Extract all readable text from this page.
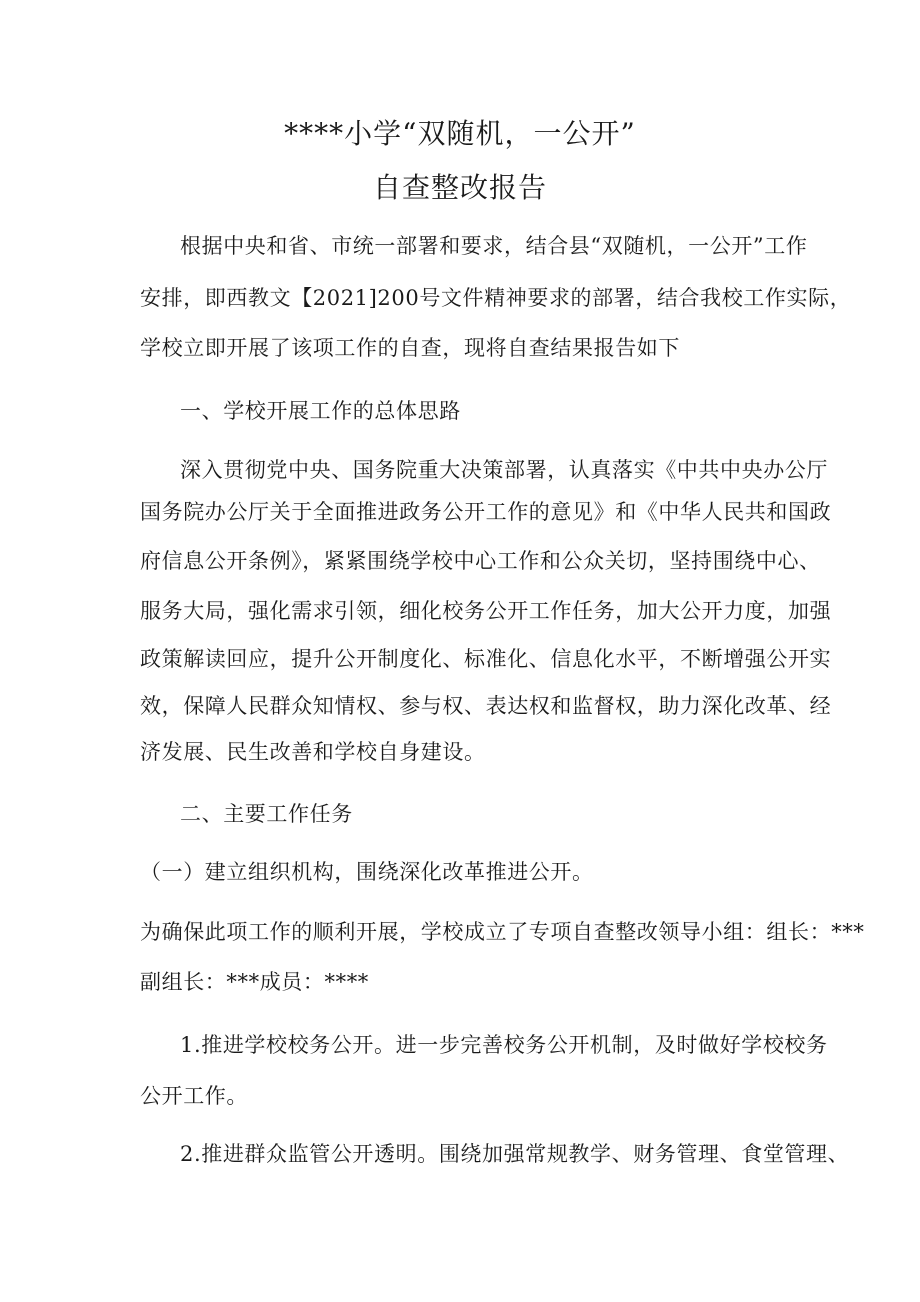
****小学“双随机，一公开”
自查整改报告
根据中央和省、市统一部署和要求，结合县“双随机，一公开”工作
安排，即西教文【2021]200号文件精神要求的部署，结合我校工作实际，
学校立即开展了该项工作的自查，现将自查结果报告如下
一、学校开展工作的总体思路
深入贯彻党中央、国务院重大决策部署，认真落实《中共中央办公厅
国务院办公厅关于全面推进政务公开工作的意见》和《中华人民共和国政
府信息公开条例》，紧紧围绕学校中心工作和公众关切，坚持围绕中心、
服务大局，强化需求引领，细化校务公开工作任务，加大公开力度，加强
政策解读回应，提升公开制度化、标准化、信息化水平，不断增强公开实
效，保障人民群众知情权、参与权、表达权和监督权，助力深化改革、经
济发展、民生改善和学校自身建设。
二、主要工作任务
（一）建立组织机构，围绕深化改革推进公开。
为确保此项工作的顺利开展，学校成立了专项自查整改领导小组：组长：***
副组长：***成员：****
1.推进学校校务公开。进一步完善校务公开机制，及时做好学校校务
公开工作。
2.推进群众监管公开透明。围绕加强常规教学、财务管理、食堂管理、
